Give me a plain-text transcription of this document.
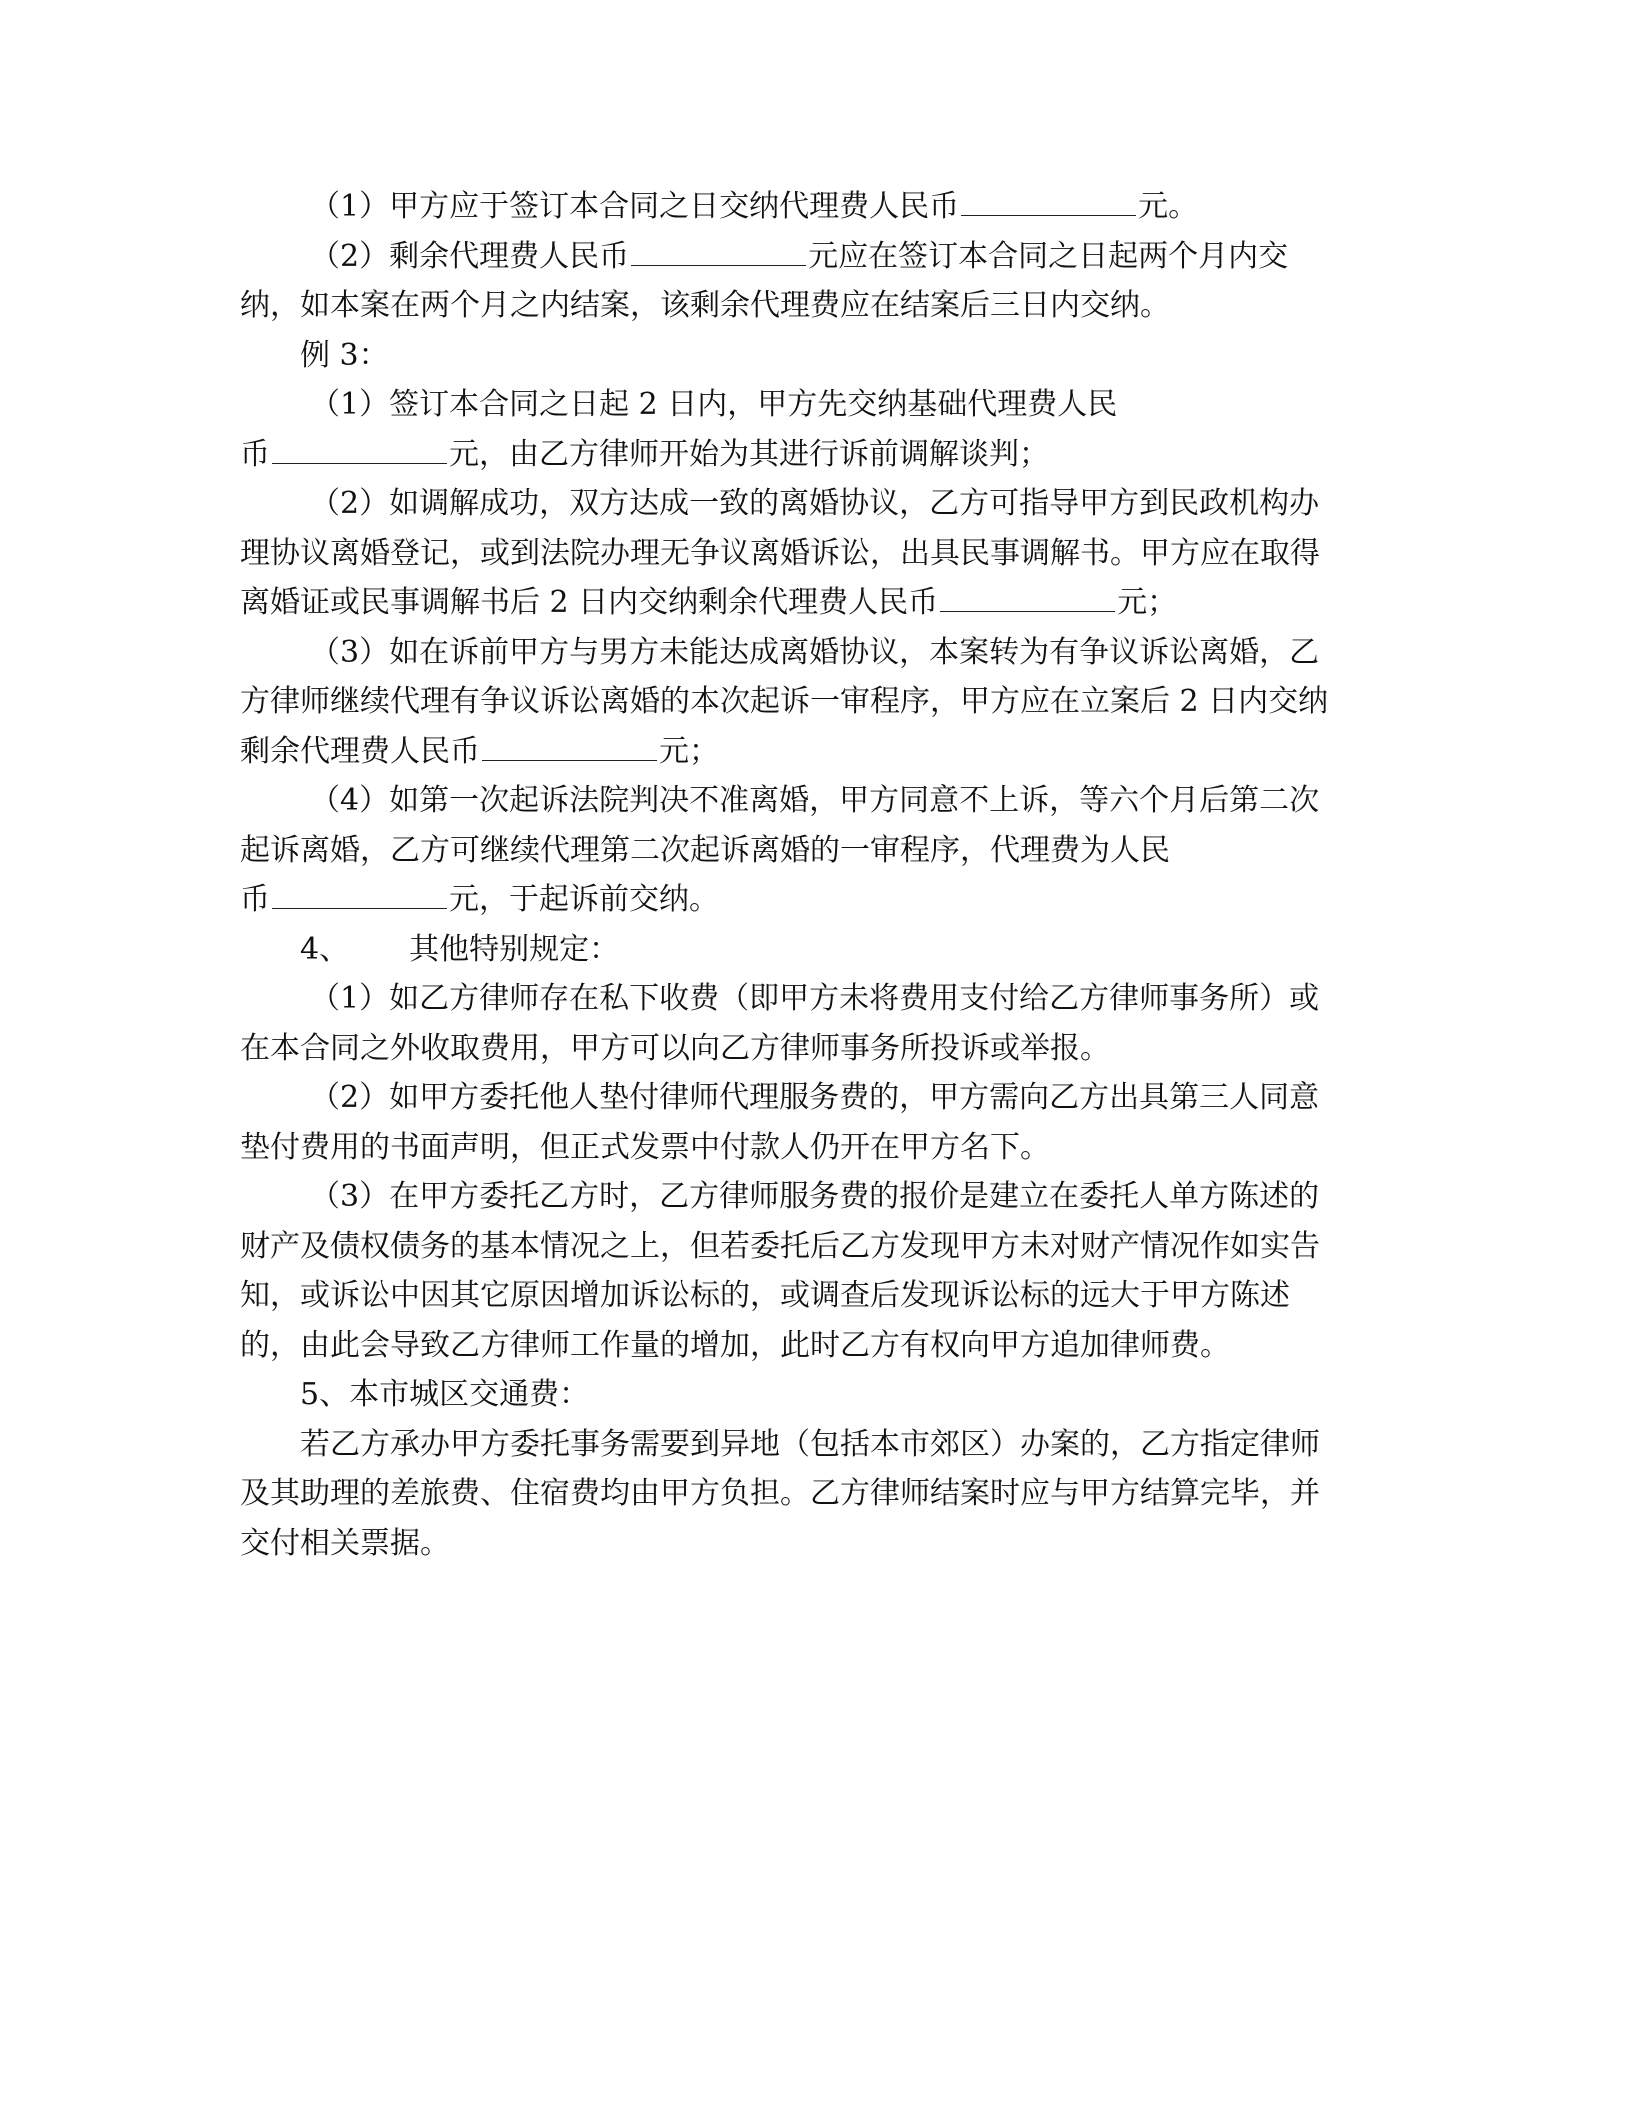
（1）甲方应于签订本合同之日交纳代理费人民币	元。
（2）剩余代理费人民币	元应在签订本合同之日起两个月内交
纳，如本案在两个月之内结案，该剩余代理费应在结案后三日内交纳。
例 3：
（1）签订本合同之日起 2 日内，甲方先交纳基础代理费人民
币	元，由乙方律师开始为其进行诉前调解谈判；
（2）如调解成功，双方达成一致的离婚协议，乙方可指导甲方到民政机构办
理协议离婚登记，或到法院办理无争议离婚诉讼，出具民事调解书。甲方应在取得
离婚证或民事调解书后 2 日内交纳剩余代理费人民币	元；
（3）如在诉前甲方与男方未能达成离婚协议，本案转为有争议诉讼离婚，乙
方律师继续代理有争议诉讼离婚的本次起诉一审程序，甲方应在立案后 2 日内交纳
剩余代理费人民币	元；
（4）如第一次起诉法院判决不准离婚，甲方同意不上诉，等六个月后第二次
起诉离婚，乙方可继续代理第二次起诉离婚的一审程序，代理费为人民
币	元，于起诉前交纳。
4、 其他特别规定：
（1）如乙方律师存在私下收费（即甲方未将费用支付给乙方律师事务所）或
在本合同之外收取费用，甲方可以向乙方律师事务所投诉或举报。
（2）如甲方委托他人垫付律师代理服务费的，甲方需向乙方出具第三人同意
垫付费用的书面声明，但正式发票中付款人仍开在甲方名下。
（3）在甲方委托乙方时，乙方律师服务费的报价是建立在委托人单方陈述的
财产及债权债务的基本情况之上，但若委托后乙方发现甲方未对财产情况作如实告
知，或诉讼中因其它原因增加诉讼标的，或调查后发现诉讼标的远大于甲方陈述
的，由此会导致乙方律师工作量的增加，此时乙方有权向甲方追加律师费。
5、本市城区交通费：
若乙方承办甲方委托事务需要到异地（包括本市郊区）办案的，乙方指定律师
及其助理的差旅费、住宿费均由甲方负担。乙方律师结案时应与甲方结算完毕，并
交付相关票据。
